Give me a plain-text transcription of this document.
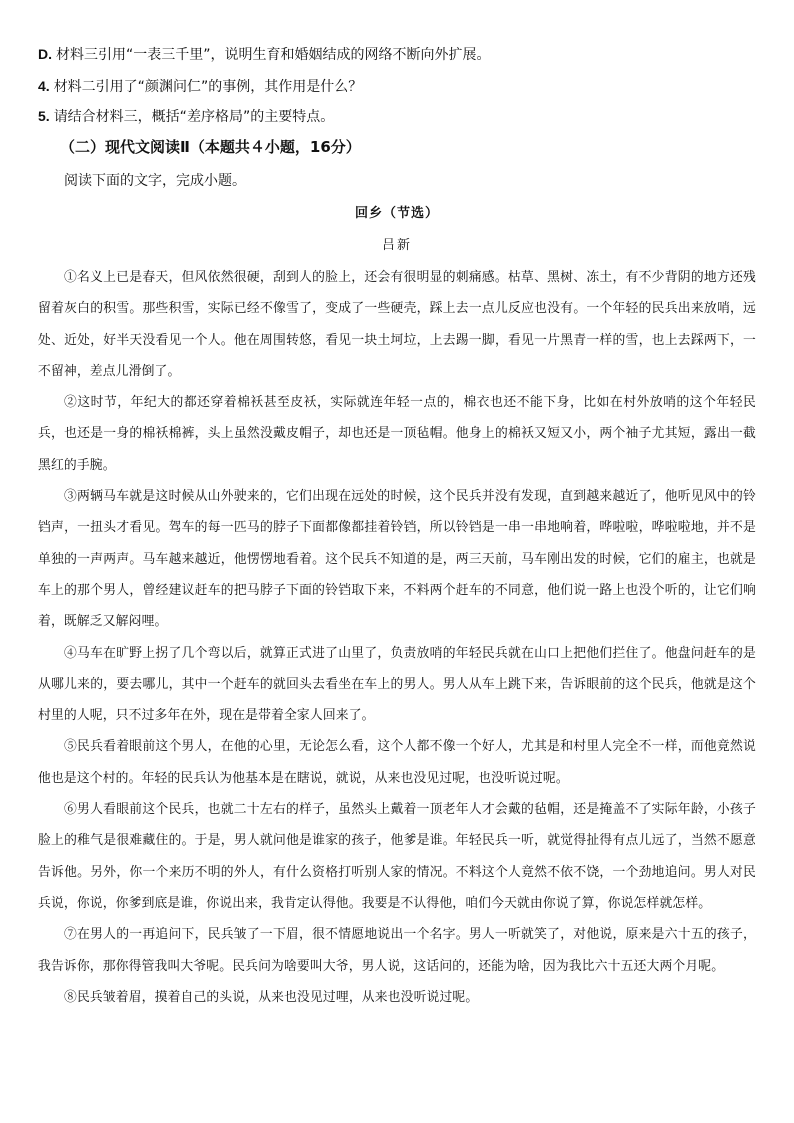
D. 材料三引用“一表三千里”，说明生育和婚姻结成的网络不断向外扩展。
4. 材料二引用了“颜渊问仁”的事例，其作用是什么？
5. 请结合材料三，概括“差序格局”的主要特点。
（二）现代文阅读Ⅱ（本题共４小题，16分）
阅读下面的文字，完成小题。
回乡（节选）
吕新

①名义上已是春天，但风依然很硬，刮到人的脸上，还会有很明显的刺痛感。枯草、黑树、冻土，有不少背阴的地方还残留着灰白的积雪。那些积雪，实际已经不像雪了，变成了一些硬壳，踩上去一点儿反应也没有。一个年轻的民兵出来放哨，远处、近处，好半天没看见一个人。他在周围转悠，看见一块土坷垃，上去踢一脚，看见一片黑青一样的雪，也上去踩两下，一不留神，差点儿滑倒了。

②这时节，年纪大的都还穿着棉袄甚至皮袄，实际就连年轻一点的，棉衣也还不能下身，比如在村外放哨的这个年轻民兵，也还是一身的棉袄棉裤，头上虽然没戴皮帽子，却也还是一顶毡帽。他身上的棉袄又短又小，两个袖子尤其短，露出一截黑红的手腕。

③两辆马车就是这时候从山外驶来的，它们出现在远处的时候，这个民兵并没有发现，直到越来越近了，他听见风中的铃铛声，一扭头才看见。驾车的每一匹马的脖子下面都像都挂着铃铛，所以铃铛是一串一串地响着，哗啦啦，哗啦啦地，并不是单独的一声两声。马车越来越近，他愣愣地看着。这个民兵不知道的是，两三天前，马车刚出发的时候，它们的雇主，也就是车上的那个男人，曾经建议赶车的把马脖子下面的铃铛取下来，不料两个赶车的不同意，他们说一路上也没个听的，让它们响着，既解乏又解闷哩。

④马车在旷野上拐了几个弯以后，就算正式进了山里了，负责放哨的年轻民兵就在山口上把他们拦住了。他盘问赶车的是从哪儿来的，要去哪儿，其中一个赶车的就回头去看坐在车上的男人。男人从车上跳下来，告诉眼前的这个民兵，他就是这个村里的人呢，只不过多年在外，现在是带着全家人回来了。

⑤民兵看着眼前这个男人，在他的心里，无论怎么看，这个人都不像一个好人，尤其是和村里人完全不一样，而他竟然说他也是这个村的。年轻的民兵认为他基本是在瞎说，就说，从来也没见过呢，也没听说过呢。

⑥男人看眼前这个民兵，也就二十左右的样子，虽然头上戴着一顶老年人才会戴的毡帽，还是掩盖不了实际年龄，小孩子脸上的稚气是很难藏住的。于是，男人就问他是谁家的孩子，他爹是谁。年轻民兵一听，就觉得扯得有点儿远了，当然不愿意告诉他。另外，你一个来历不明的外人，有什么资格打听别人家的情况。不料这个人竟然不依不饶，一个劲地追问。男人对民兵说，你说，你爹到底是谁，你说出来，我肯定认得他。我要是不认得他，咱们今天就由你说了算，你说怎样就怎样。

⑦在男人的一再追问下，民兵皱了一下眉，很不情愿地说出一个名字。男人一听就笑了，对他说，原来是六十五的孩子，我告诉你，那你得管我叫大爷呢。民兵问为啥要叫大爷，男人说，这话问的，还能为啥，因为我比六十五还大两个月呢。

⑧民兵皱着眉，摸着自己的头说，从来也没见过哩，从来也没听说过呢。
